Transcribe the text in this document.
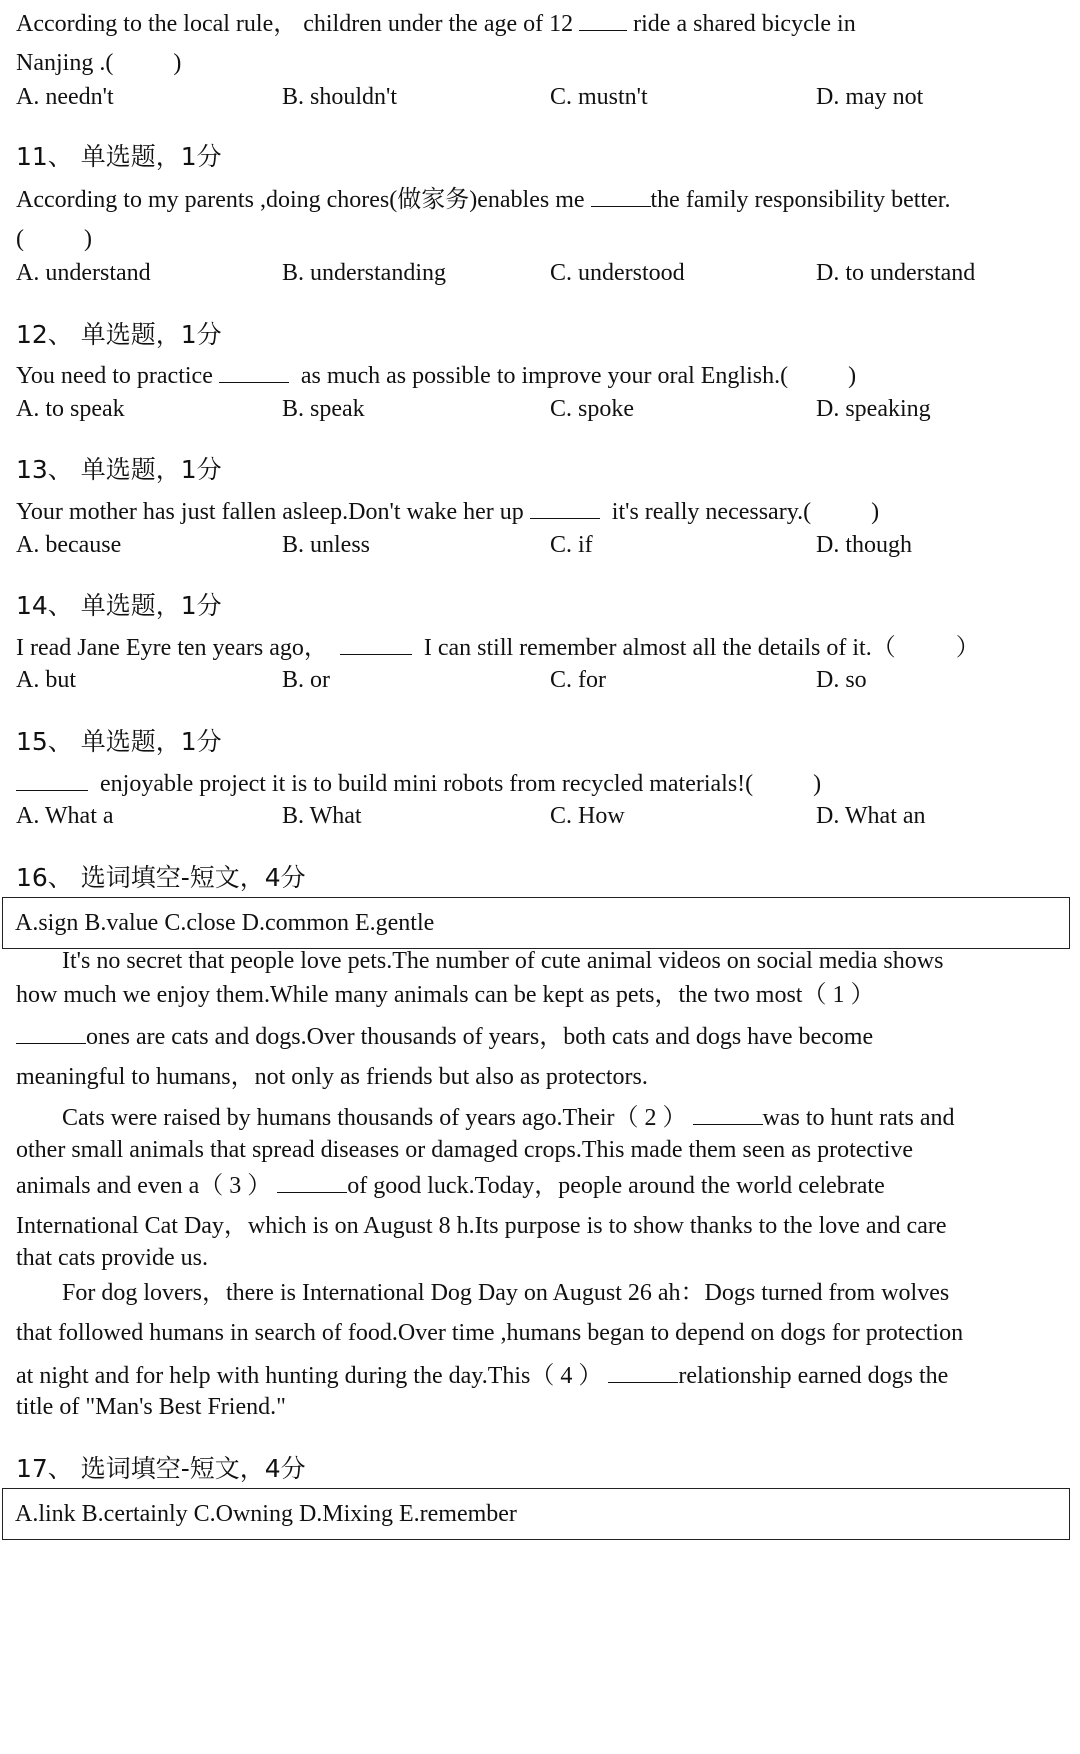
According to the local rule， children under the age of 12  ride a shared bicycle in
Nanjing .(          )
A. needn't	B. shouldn't	C. mustn't	D. may not
11、 单选题，1分
According to my parents ,doing chores(做家务)enables me	the family responsibility better.
(          )
A. understand	B. understanding	C. understood	D. to understand
12、 单选题，1分
You need to practice	as much as possible to improve your oral English.(          )
A. to speak	B. speak	C. spoke	D. speaking
13、 单选题，1分
Your mother has just fallen asleep.Don't wake her up	it's really necessary.(          )
A. because	B. unless	C. if	D. though
14、 单选题，1分
I read Jane Eyre ten years ago，	I can still remember almost all the details of it.（          ）
A. but	B. or	C. for	D. so
15、 单选题，1分
enjoyable project it is to build mini robots from recycled materials!(          )
A. What a	B. What	C. How	D. What an
16、 选词填空-短文，4分
A.sign B.value C.close D.common E.gentle
It's no secret that people love pets.The number of cute animal videos on social media shows
how much we enjoy them.While many animals can be kept as pets，the two most（ 1 ）
ones are cats and dogs.Over thousands of years，both cats and dogs have become
meaningful to humans，not only as friends but also as protectors.
Cats were raised by humans thousands of years ago.Their（ 2 ）	was to hunt rats and
other small animals that spread diseases or damaged crops.This made them seen as protective
animals and even a（ 3 ）	of good luck.Today，people around the world celebrate
International Cat Day，which is on August 8 h.Its purpose is to show thanks to the love and care
that cats provide us.
For dog lovers，there is International Dog Day on August 26 ah：Dogs turned from wolves
that followed humans in search of food.Over time ,humans began to depend on dogs for protection
at night and for help with hunting during the day.This（ 4 ）	relationship earned dogs the
title of "Man's Best Friend."
17、 选词填空-短文，4分
A.link B.certainly C.Owning D.Mixing E.remember
